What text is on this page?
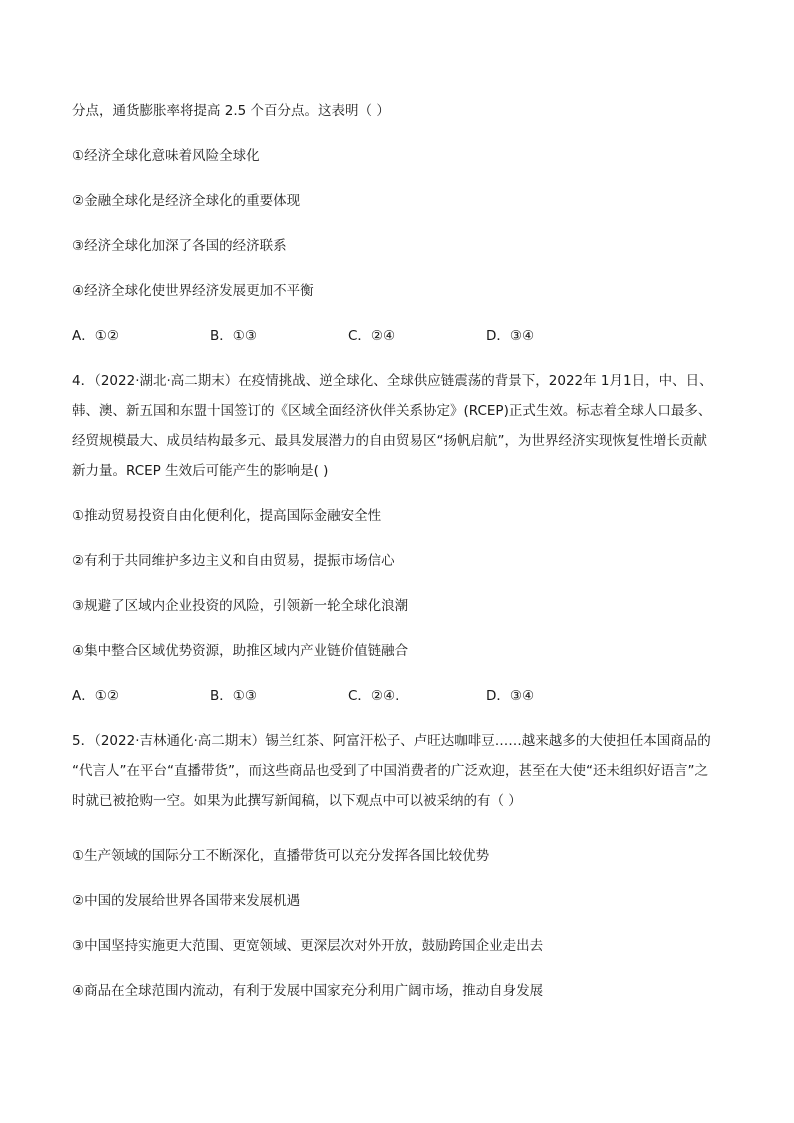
分点，通货膨胀率将提高 2.5 个百分点。这表明（ ）
①经济全球化意味着风险全球化
②金融全球化是经济全球化的重要体现
③经济全球化加深了各国的经济联系
④经济全球化使世界经济发展更加不平衡
A．①②	B．①③	C．②④	D．③④
4．（2022·湖北·高二期末）在疫情挑战、逆全球化、全球供应链震荡的背景下，2022年 1月1日，中、日、
韩、澳、新五国和东盟十国签订的《区域全面经济伙伴关系协定》(RCEP)正式生效。标志着全球人口最多、
经贸规模最大、成员结构最多元、最具发展潜力的自由贸易区“扬帆启航”，为世界经济实现恢复性增长贡献
新力量。RCEP 生效后可能产生的影响是( )
①推动贸易投资自由化便利化，提高国际金融安全性
②有利于共同维护多边主义和自由贸易，提振市场信心
③规避了区域内企业投资的风险，引领新一轮全球化浪潮
④集中整合区域优势资源，助推区域内产业链价值链融合
A．①②	B．①③	C．②④.	D．③④
5．（2022·吉林通化·高二期末）锡兰红茶、阿富汗松子、卢旺达咖啡豆……越来越多的大使担任本国商品的
“代言人”在平台“直播带货”，而这些商品也受到了中国消费者的广泛欢迎，甚至在大使“还未组织好语言”之
时就已被抢购一空。如果为此撰写新闻稿，以下观点中可以被采纳的有（ ）
①生产领域的国际分工不断深化，直播带货可以充分发挥各国比较优势
②中国的发展给世界各国带来发展机遇
③中国坚持实施更大范围、更宽领域、更深层次对外开放，鼓励跨国企业走出去
④商品在全球范围内流动，有利于发展中国家充分利用广阔市场，推动自身发展
